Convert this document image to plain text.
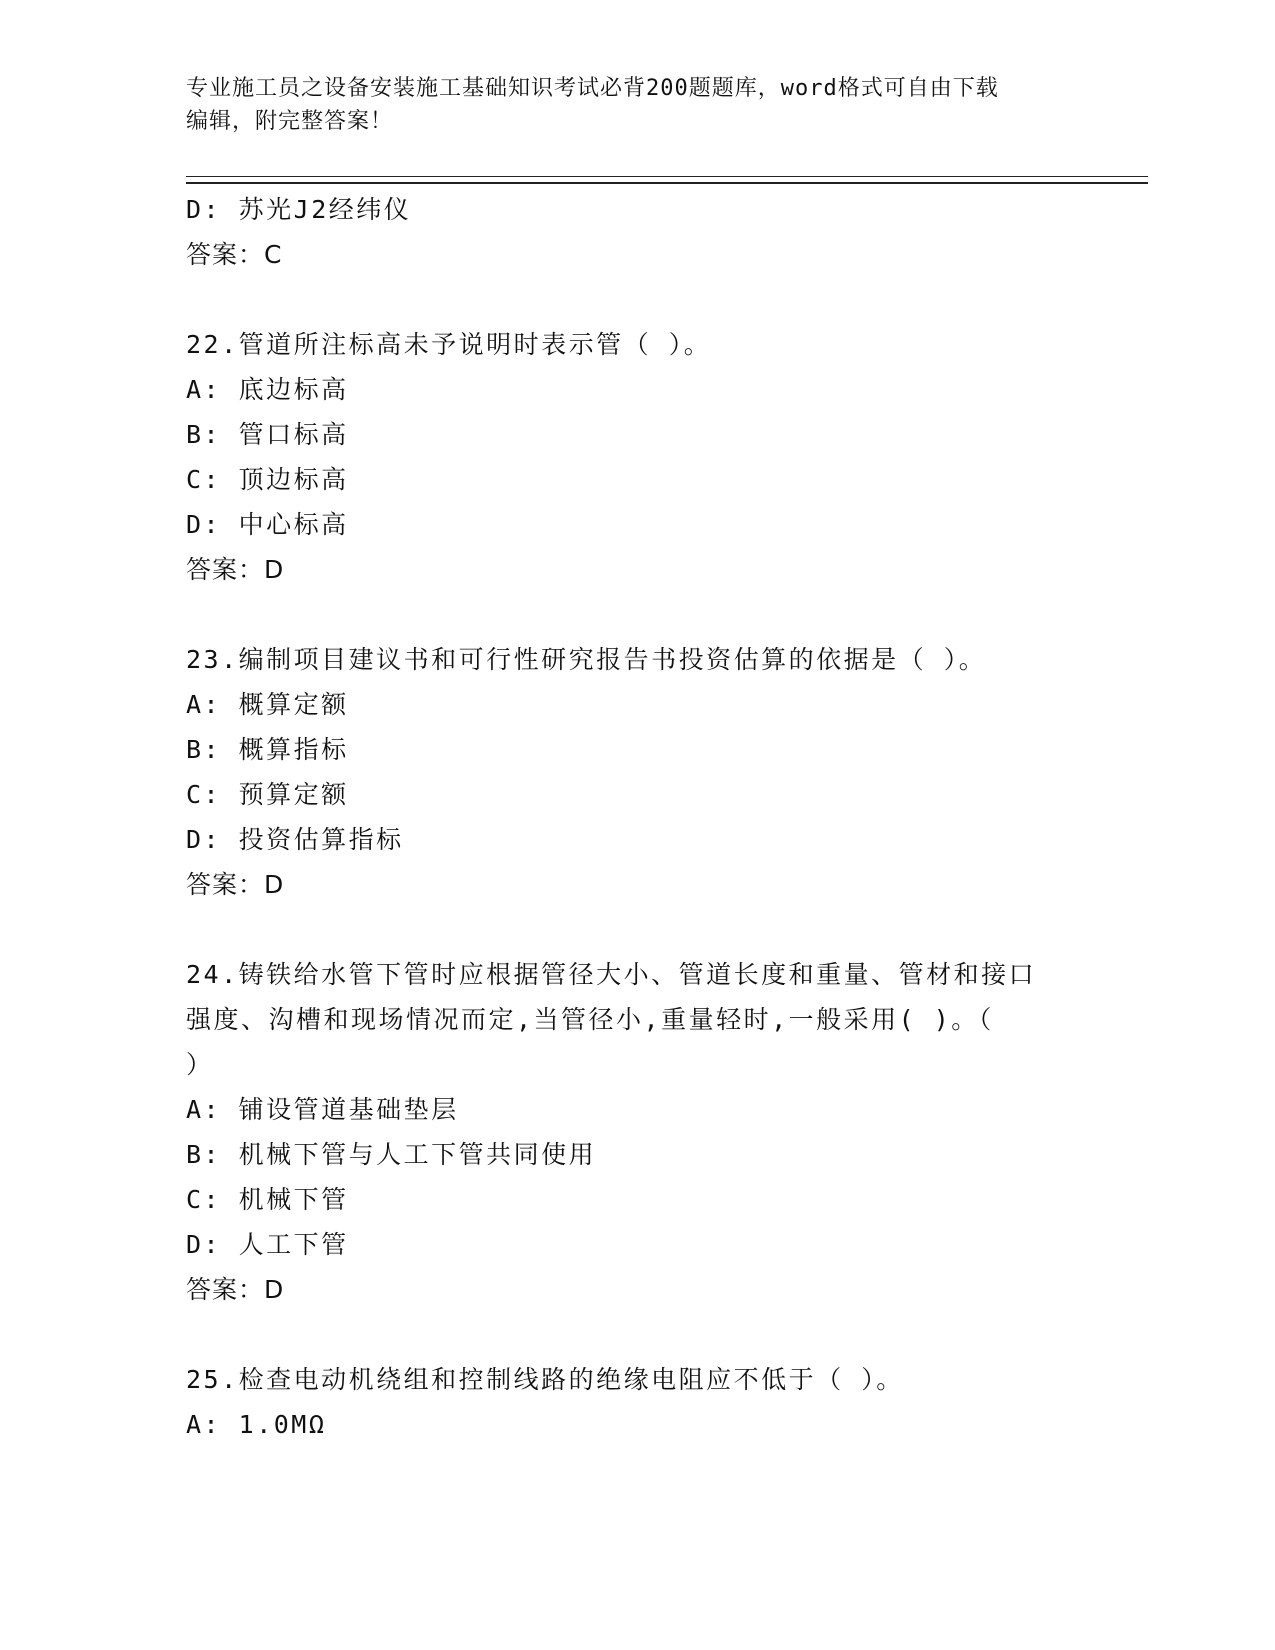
专业施工员之设备安装施工基础知识考试必背200题题库，word格式可自由下载
编辑，附完整答案！
D: 苏光J2经纬仪
答案：C
22.管道所注标高未予说明时表示管（ ）。
A: 底边标高
B: 管口标高
C: 顶边标高
D: 中心标高
答案：D
23.编制项目建议书和可行性研究报告书投资估算的依据是（ ）。
A: 概算定额
B: 概算指标
C: 预算定额
D: 投资估算指标
答案：D
24.铸铁给水管下管时应根据管径大小、管道长度和重量、管材和接口
强度、沟槽和现场情况而定,当管径小,重量轻时,一般采用( )。（
）
A: 铺设管道基础垫层
B: 机械下管与人工下管共同使用
C: 机械下管
D: 人工下管
答案：D
25.检查电动机绕组和控制线路的绝缘电阻应不低于（ ）。
A: 1.0MΩ
